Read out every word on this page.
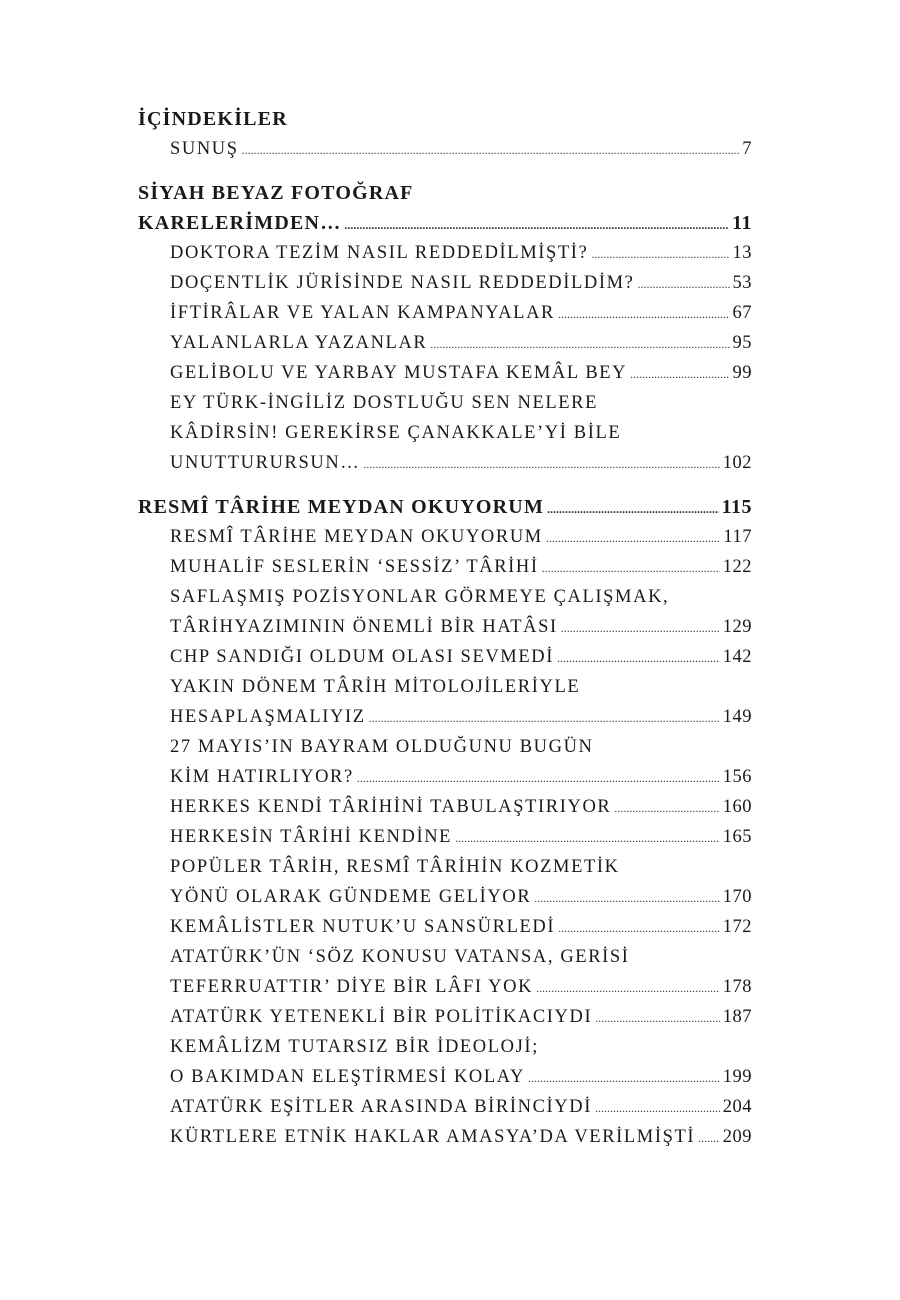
İÇİNDEKİLER
SUNUŞ .....	7
SİYAH BEYAZ FOTOĞRAF
KARELERİMDEN… .....	11
DOKTORA TEZİM NASIL REDDEDİLMİŞTİ? .....	13
DOÇENTLİK JÜRİSİNDE NASIL REDDEDİLDİM? .....	53
İFTİRÂLAR VE YALAN KAMPANYALAR .....	67
YALANLARLA YAZANLAR .....	95
GELİBOLU VE YARBAY MUSTAFA KEMÂL BEY .....	99
EY TÜRK-İNGİLİZ DOSTLUĞU SEN NELERE
KÂDİRSİN! GEREKİRSE ÇANAKKALE’Yİ BİLE
UNUTTURURSUN… .....	102
RESMÎ TÂRİHE MEYDAN OKUYORUM .....	115
RESMÎ TÂRİHE MEYDAN OKUYORUM .....	117
MUHALİF SESLERİN ‘SESSİZ’ TÂRİHİ .....	122
SAFLAŞMIŞ POZİSYONLAR GÖRMEYE ÇALIŞMAK,
TÂRİHYAZIMININ ÖNEMLİ BİR HATÂSI .....	129
CHP SANDIĞI OLDUM OLASI SEVMEDİ .....	142
YAKIN DÖNEM TÂRİH MİTOLOJİLERİYLE
HESAPLAŞMALIYIZ .....	149
27 MAYIS’IN BAYRAM OLDUĞUNU BUGÜN
KİM HATIRLIYOR? .....	156
HERKES KENDİ TÂRİHİNİ TABULAŞTIRIYOR .....	160
HERKESİN TÂRİHİ KENDİNE .....	165
POPÜLER TÂRİH, RESMÎ TÂRİHİN KOZMETİK
YÖNÜ OLARAK GÜNDEME GELİYOR .....	170
KEMÂLİSTLER NUTUK’U SANSÜRLEDİ .....	172
ATATÜRK’ÜN ‘SÖZ KONUSU VATANSA, GERİSİ
TEFERRUATTIR’ DİYE BİR LÂFI YOK .....	178
ATATÜRK YETENEKLİ BİR POLİTİKACIYDI .....	187
KEMÂLİZM TUTARSIZ BİR İDEOLOJİ;
O BAKIMDAN ELEŞTİRMESİ KOLAY .....	199
ATATÜRK EŞİTLER ARASINDA BİRİNCİYDİ .....	204
KÜRTLERE ETNİK HAKLAR AMASYA’DA VERİLMİŞTİ ..... 209
